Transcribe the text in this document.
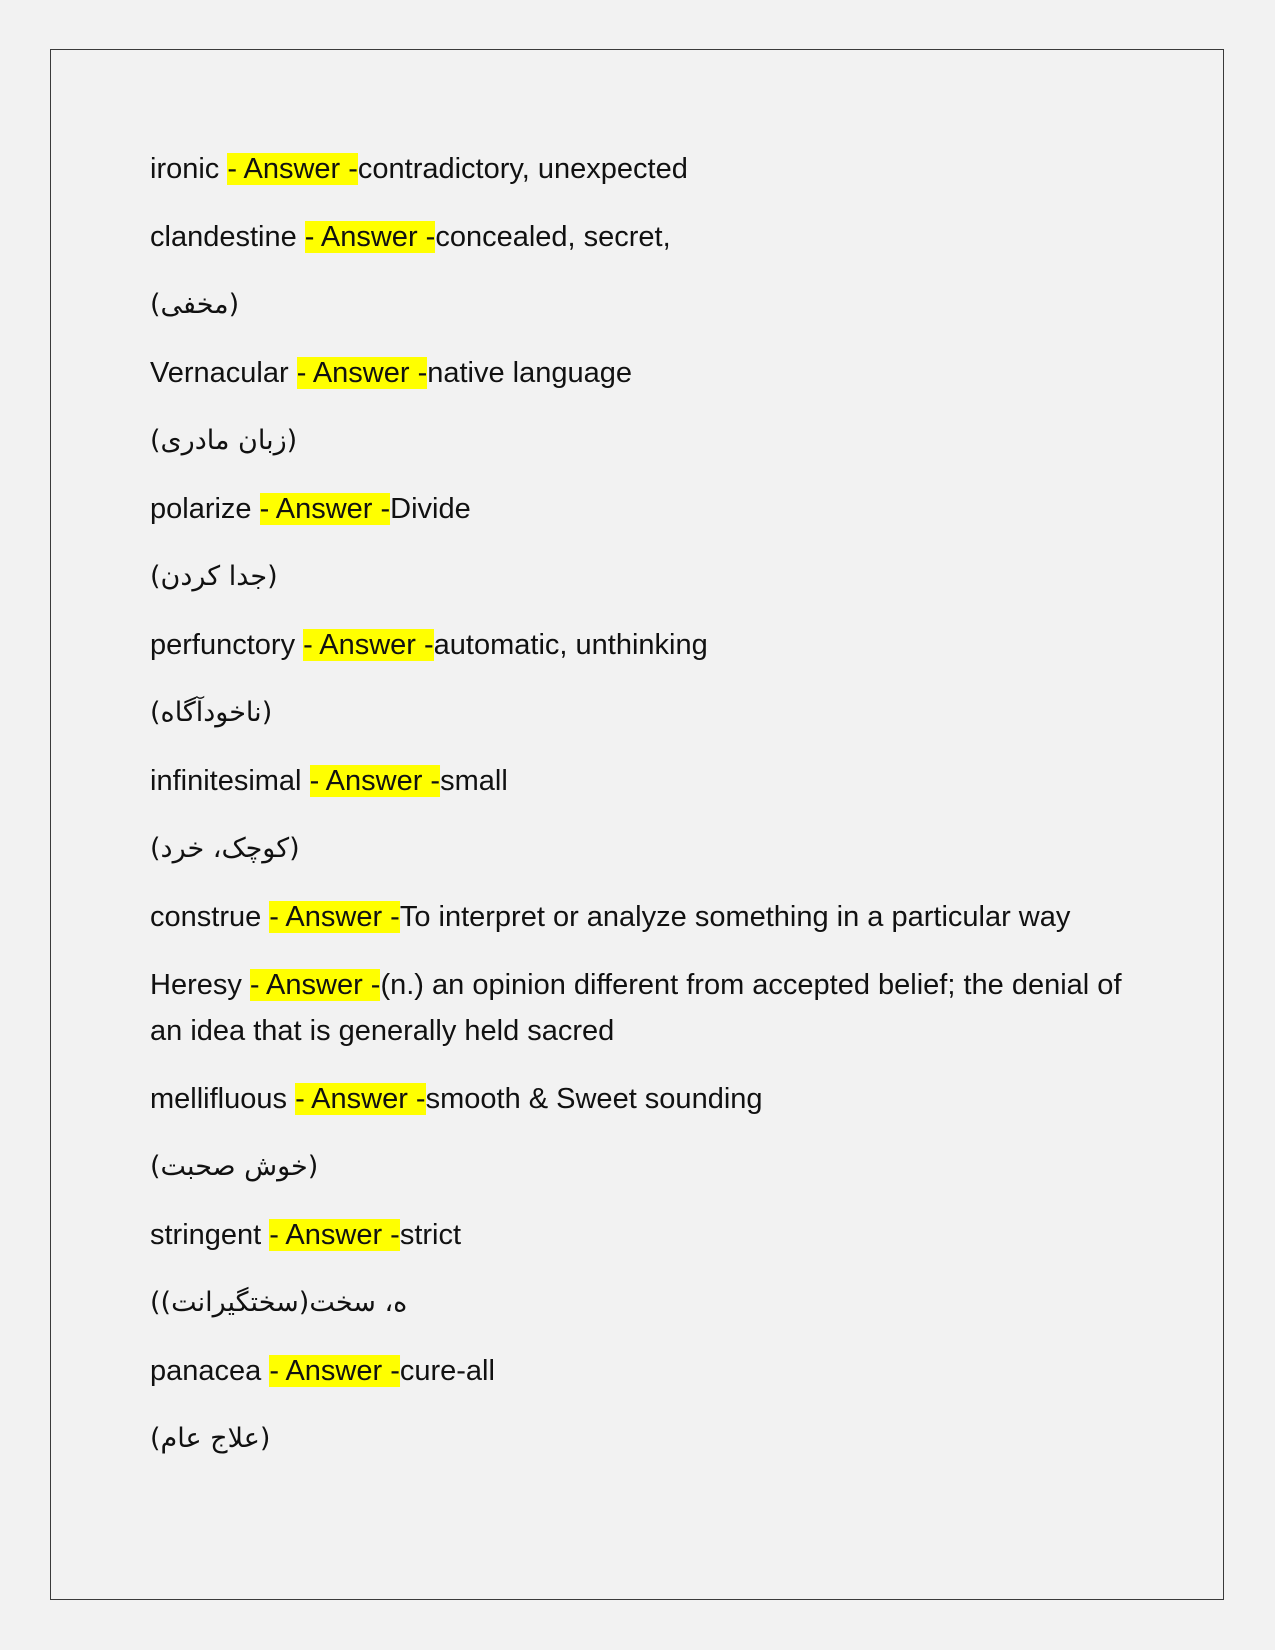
ironic - Answer -contradictory, unexpected
clandestine - Answer -concealed, secret,
(مخفی)
Vernacular - Answer -native language
(زبان مادری)
polarize - Answer -Divide
(جدا کردن)
perfunctory - Answer -automatic, unthinking
(ناخودآگاه)
infinitesimal - Answer -small
(کوچک، خرد)
construe - Answer -To interpret or analyze something in a particular way
Heresy - Answer -(n.) an opinion different from accepted belief; the denial of an idea that is generally held sacred
mellifluous - Answer -smooth & Sweet sounding
(خوش صحبت)
stringent - Answer -strict
((سختگیرانت)ه، سخت
panacea - Answer -cure-all
(علاج عام)
